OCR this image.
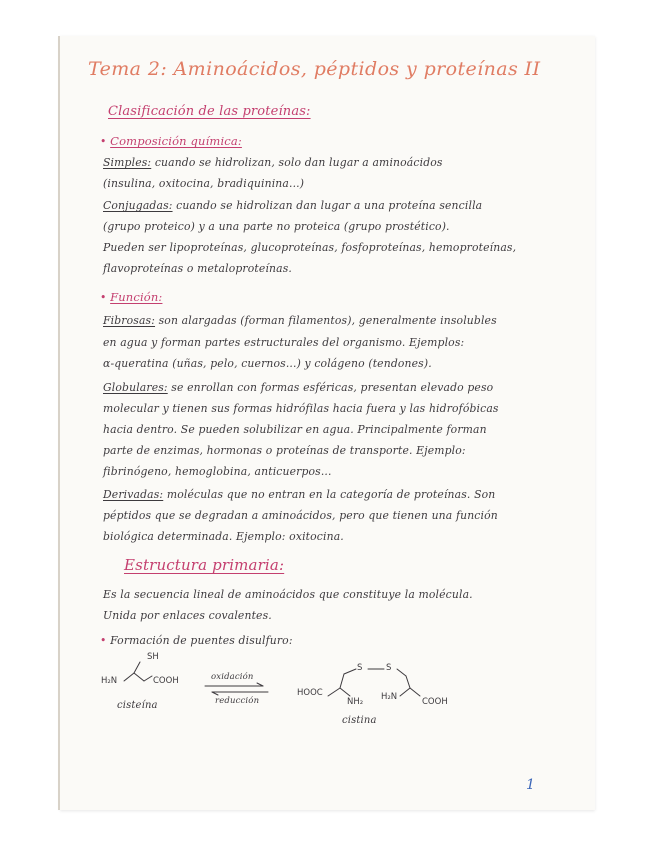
Tema 2: Aminoácidos, péptidos y proteínas II
Clasificación de las proteínas:
• Composición química:
Simples: cuando se hidrolizan, solo dan lugar a aminoácidos
(insulina, oxitocina, bradiquinina...)
Conjugadas: cuando se hidrolizan dan lugar a una proteína sencilla
(grupo proteico) y a una parte no proteica (grupo prostético).
Pueden ser lipoproteínas, glucoproteínas, fosfoproteínas, hemoproteínas,
flavoproteínas o metaloproteínas.
• Función:
Fibrosas: son alargadas (forman filamentos), generalmente insolubles
en agua y forman partes estructurales del organismo. Ejemplos:
α-queratina (uñas, pelo, cuernos...) y colágeno (tendones).
Globulares: se enrollan con formas esféricas, presentan elevado peso
molecular y tienen sus formas hidrófilas hacia fuera y las hidrofóbicas
hacia dentro. Se pueden solubilizar en agua. Principalmente forman
parte de enzimas, hormonas o proteínas de transporte. Ejemplo:
fibrinógeno, hemoglobina, anticuerpos...
Derivadas: moléculas que no entran en la categoría de proteínas. Son
péptidos que se degradan a aminoácidos, pero que tienen una función
biológica determinada. Ejemplo: oxitocina.
Estructura primaria:
Es la secuencia lineal de aminoácidos que constituye la molécula.
Unida por enlaces covalentes.
• Formación de puentes disulfuro:
SH
H₂N	COOH
cisteína
oxidación
reducción
S	S
HOOC
NH₂ H₂N	COOH
cistina
1
